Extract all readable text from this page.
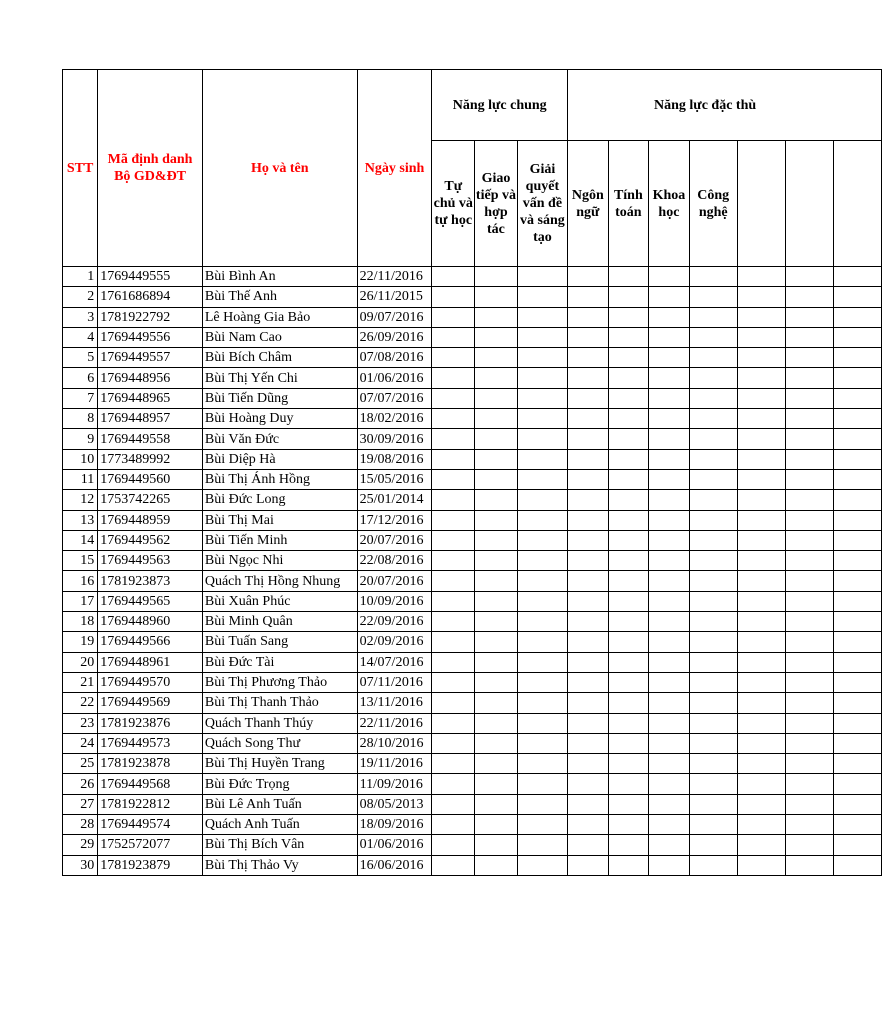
STT	Mã định danh Bộ GD&ĐT	Họ và tên	Ngày sinh	Năng lực chung			Năng lực đặc thù						
				Tự chủ và tự học	Giao tiếp và hợp tác	Giải quyết vấn đề và sáng tạo	Ngôn ngữ	Tính toán	Khoa học	Công nghệ			
1	1769449555	Bùi Bình An	22/11/2016										
2	1761686894	Bùi Thế Anh	26/11/2015										
3	1781922792	Lê Hoàng Gia Bảo	09/07/2016										
4	1769449556	Bùi Nam Cao	26/09/2016										
5	1769449557	Bùi Bích Châm	07/08/2016										
6	1769448956	Bùi Thị Yến Chi	01/06/2016										
7	1769448965	Bùi Tiến Dũng	07/07/2016										
8	1769448957	Bùi Hoàng Duy	18/02/2016										
9	1769449558	Bùi Văn Đức	30/09/2016										
10	1773489992	Bùi Diệp Hà	19/08/2016										
11	1769449560	Bùi Thị Ánh Hồng	15/05/2016										
12	1753742265	Bùi Đức Long	25/01/2014										
13	1769448959	Bùi Thị Mai	17/12/2016										
14	1769449562	Bùi Tiến Minh	20/07/2016										
15	1769449563	Bùi Ngọc Nhi	22/08/2016										
16	1781923873	Quách Thị Hồng Nhung	20/07/2016										
17	1769449565	Bùi Xuân Phúc	10/09/2016										
18	1769448960	Bùi Minh Quân	22/09/2016										
19	1769449566	Bùi Tuấn Sang	02/09/2016										
20	1769448961	Bùi Đức Tài	14/07/2016										
21	1769449570	Bùi Thị Phương Thảo	07/11/2016										
22	1769449569	Bùi Thị Thanh Thảo	13/11/2016										
23	1781923876	Quách Thanh Thúy	22/11/2016										
24	1769449573	Quách Song Thư	28/10/2016										
25	1781923878	Bùi Thị Huyền Trang	19/11/2016										
26	1769449568	Bùi Đức Trọng	11/09/2016										
27	1781922812	Bùi Lê Anh Tuấn	08/05/2013										
28	1769449574	Quách Anh Tuấn	18/09/2016										
29	1752572077	Bùi Thị Bích Vân	01/06/2016										
30	1781923879	Bùi Thị Thảo Vy	16/06/2016										
